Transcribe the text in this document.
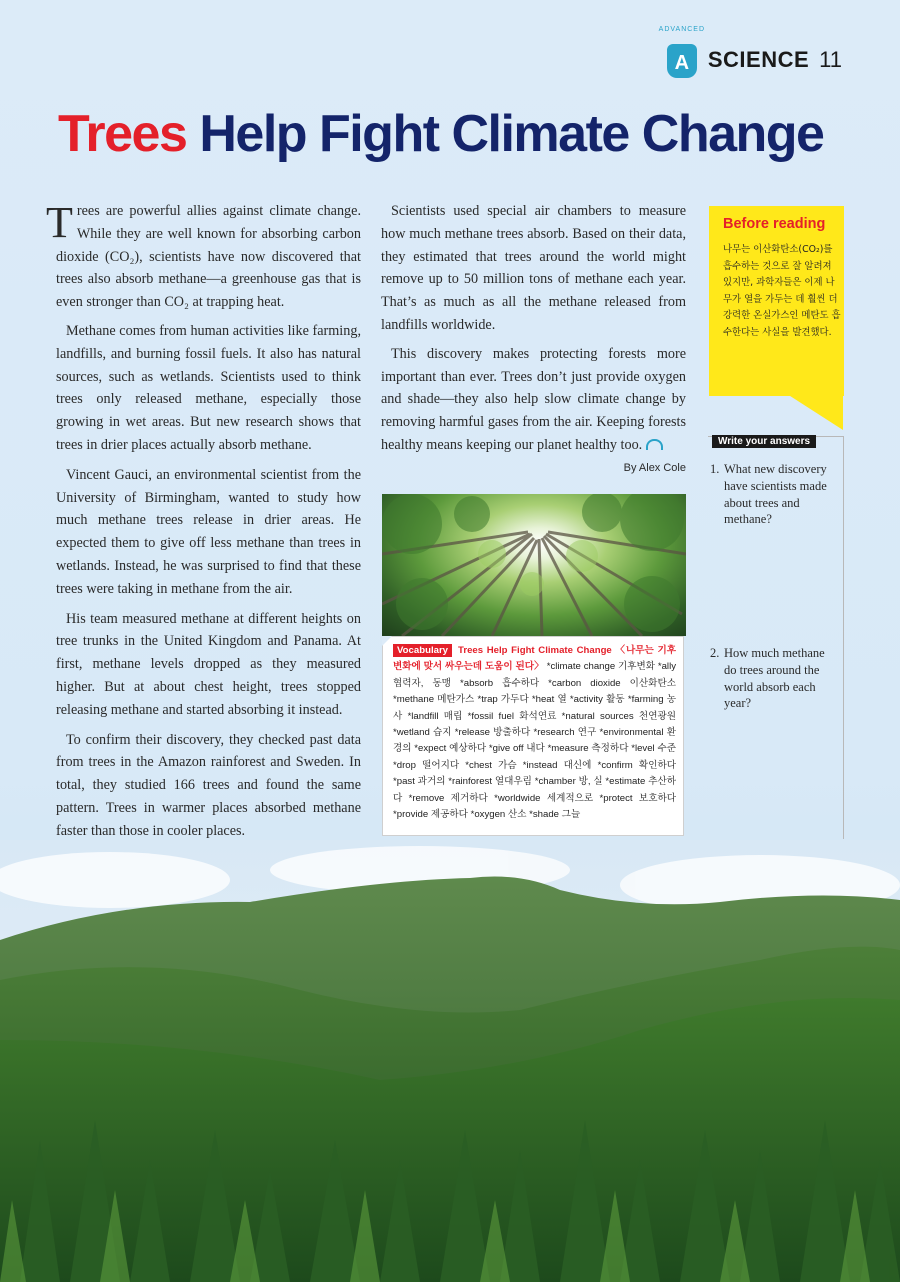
ADVANCED
A SCIENCE 11
Trees Help Fight Climate Change

Trees are powerful allies against climate change. While they are well known for absorbing carbon dioxide (CO₂), scientists have now discovered that trees also absorb methane—a greenhouse gas that is even stronger than CO₂ at trapping heat.

Methane comes from human activities like farming, landfills, and burning fossil fuels. It also has natural sources, such as wetlands. Scientists used to think trees only released methane, especially those growing in wet areas. But new research shows that trees in drier places actually absorb methane.

Vincent Gauci, an environmental scientist from the University of Birmingham, wanted to study how much methane trees release in drier areas. He expected them to give off less methane than trees in wetlands. Instead, he was surprised to find that these trees were taking in methane from the air.

His team measured methane at different heights on tree trunks in the United Kingdom and Panama. At first, methane levels dropped as they measured higher. But at about chest height, trees stopped releasing methane and started absorbing it instead.

To confirm their discovery, they checked past data from trees in the Amazon rainforest and Sweden. In total, they studied 166 trees and found the same pattern. Trees in warmer places absorbed methane faster than those in cooler places.

Scientists used special air chambers to measure how much methane trees absorb. Based on their data, they estimated that trees around the world might remove up to 50 million tons of methane each year. That’s as much as all the methane released from landfills worldwide.

This discovery makes protecting forests more important than ever. Trees don’t just provide oxygen and shade—they also help slow climate change by removing harmful gases from the air. Keeping forests healthy means keeping our planet healthy too.
By Alex Cole

Vocabulary Trees Help Fight Climate Change 〈나무는 기후변화에 맞서 싸우는데 도움이 된다〉 *climate change 기후변화 *ally 협력자, 동맹 *absorb 흡수하다 *carbon dioxide 이산화탄소 *methane 메탄가스 *trap 가두다 *heat 열 *activity 활동 *farming 농사 *landfill 매립 *fossil fuel 화석연료 *natural sources 천연광원 *wetland 습지 *release 방출하다 *research 연구 *environmental 환경의 *expect 예상하다 *give off 내다 *measure 측정하다 *level 수준 *drop 떨어지다 *chest 가슴 *instead 대신에 *confirm 확인하다 *past 과거의 *rainforest 열대우림 *chamber 방, 실 *estimate 추산하다 *remove 제거하다 *worldwide 세계적으로 *protect 보호하다 *provide 제공하다 *oxygen 산소 *shade 그늘
Before reading
나무는 이산화탄소(CO₂)를 흡수하는 것으로 잘 알려져 있지만, 과학자들은 이제 나무가 열을 가두는 데 훨씬 더 강력한 온실가스인 메탄도 흡수한다는 사실을 발견했다.
Write your answers
1. What new discovery have scientists made about trees and methane?
2. How much methane do trees around the world absorb each year?
